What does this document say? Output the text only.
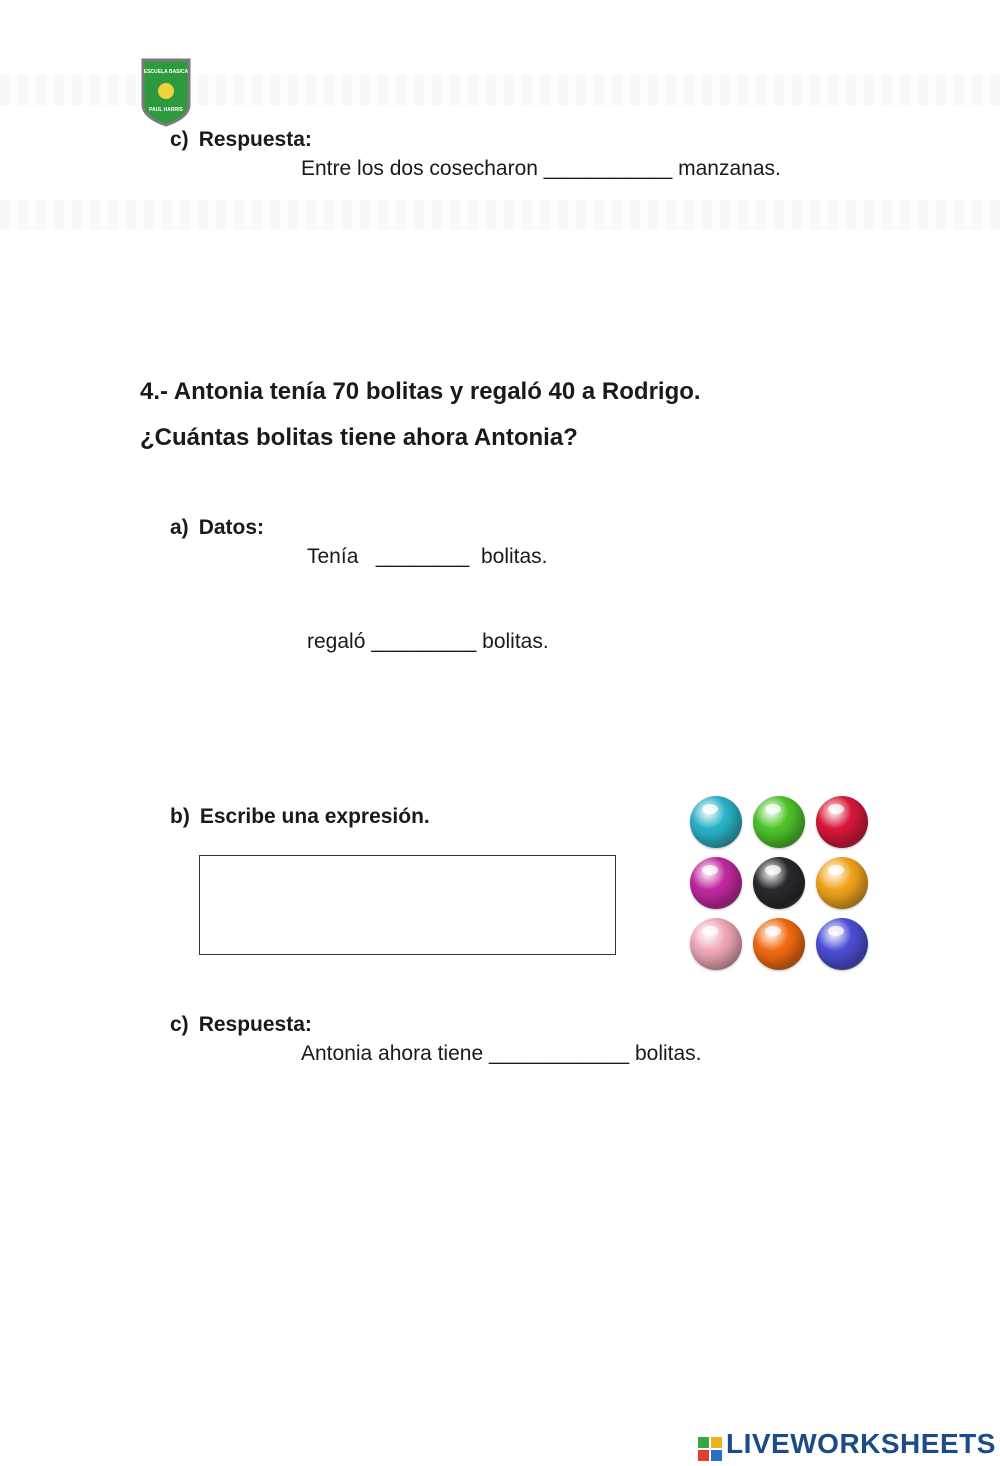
ESCUELA BASICA
PAUL HARRIS
c) Respuesta:
Entre los dos cosecharon ___________ manzanas.
4.- Antonia tenía 70 bolitas y regaló 40 a Rodrigo.
¿Cuántas bolitas tiene ahora Antonia?
a) Datos:
Tenía   ________  bolitas.
regaló _________ bolitas.
b) Escribe una expresión.
c) Respuesta:
Antonia ahora tiene ____________ bolitas.
LIVEWORKSHEETS
